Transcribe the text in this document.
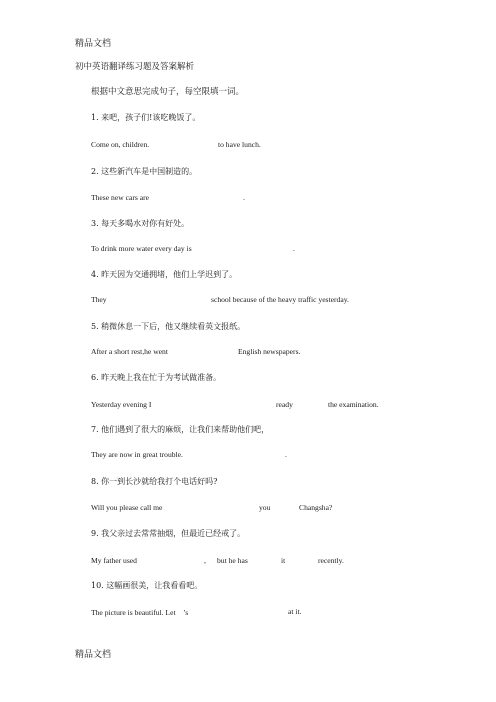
精品文档
初中英语翻译练习题及答案解析
根据中文意思完成句子，每空限填一词。
1. 来吧，孩子们!该吃晚饭了。
Come on, children.	to have lunch.
2. 这些新汽车是中国制造的。
These new cars are	.
3. 每天多喝水对你有好处。
To drink more water every day is	.
4. 昨天因为交通拥堵，他们上学迟到了。
They	school because of the heavy traffic yesterday.
5. 稍微休息一下后，他又继续看英文报纸。
After a short rest,he went	English newspapers.
6. 昨天晚上我在忙于为考试做准备。
Yesterday evening I	ready	the examination.
7. 他们遇到了很大的麻烦，让我们来帮助他们吧，
They are now in great trouble.	.
8. 你一到长沙就给我打个电话好吗?
Will you please call me	you	Changsha?
9. 我父亲过去常常抽烟，但最近已经戒了。
My father used	, but he has	it	recently.
10. 这幅画很美，让我看看吧。
The picture is beautiful. Let　’s	at it.
精品文档
